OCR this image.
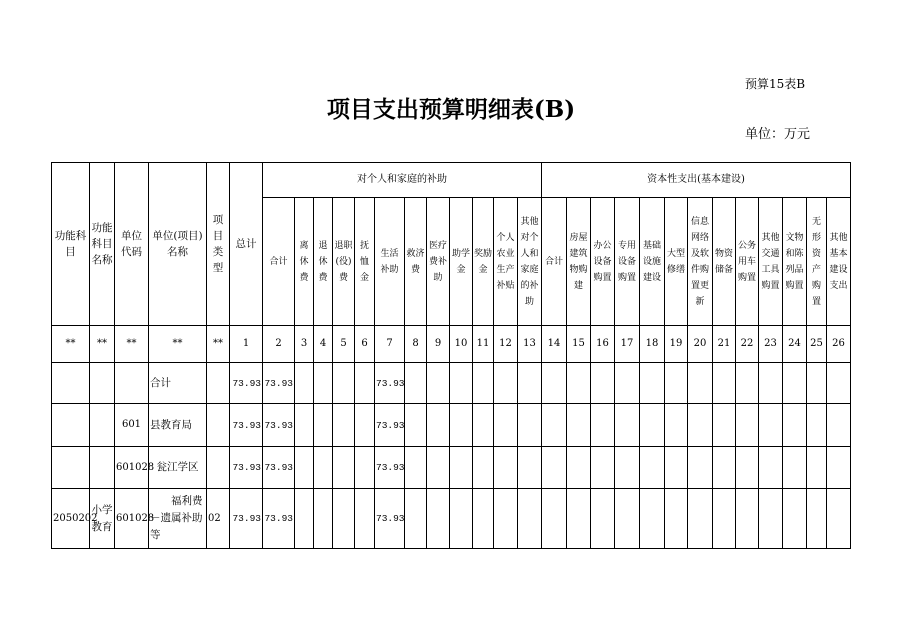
预算15表B
项目支出预算明细表(B)
单位：万元
功能科目	功能科目名称	单位代码	单位(项目)名称	项目类型	总计	对个人和家庭的补助												资本性支出(基本建设)												
						合计	离休费	退休费	退职(役)费	抚恤金	生活补助	救济费	医疗费补助	助学金	奖励金	个人农业生产补贴	其他对个人和家庭的补助	合计	房屋建筑物购建	办公设备购置	专用设备购置	基础设施建设	大型修缮	信息网络及软件购置更新	物资储备	公务用车购置	其他交通工具购置	文物和陈列品购置	无形资产购置	其他基本建设支出
**	**	**	**	**	1	2	3	4	5	6	7	8	9	10	11	12	13	14	15	16	17	18	19	20	21	22	23	24	25	26
			合计		73.93	73.93					73.93																			
		601	县教育局		73.93	73.93					73.93																			
		601028	瓮江学区		73.93	73.93					73.93																			
2050202	小学教育	601028	福利费－遗属补助等	02	73.93	73.93					73.93																			
